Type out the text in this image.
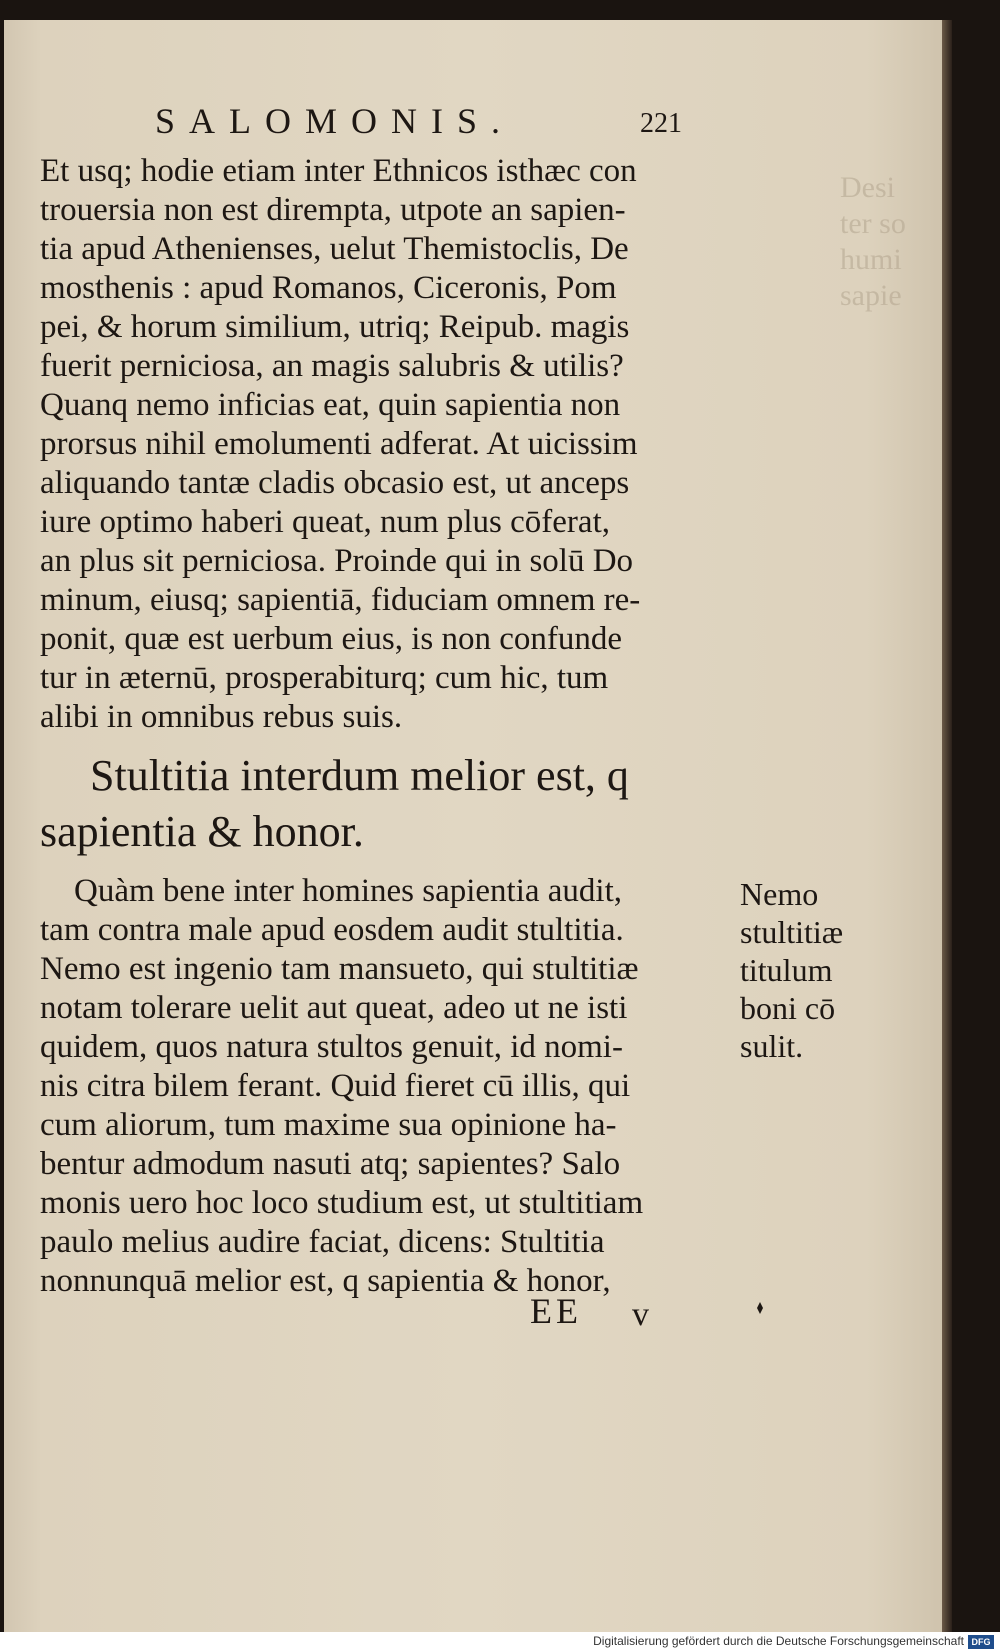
Desi
ter so
humi
sapie
SALOMONIS.	221
Et usq; hodie etiam inter Ethnicos isthæc con
trouersia non est dirempta, utpote an sapien-
tia apud Athenienses, uelut Themistoclis, De
mosthenis : apud Romanos, Ciceronis, Pom
pei, & horum similium, utriq; Reipub. magis
fuerit perniciosa, an magis salubris & utilis?
Quanq nemo inficias eat, quin sapientia non
prorsus nihil emolumenti adferat. At uicissim
aliquando tantæ cladis obcasio est, ut anceps
iure optimo haberi queat, num plus cōferat,
an plus sit perniciosa. Proinde qui in solū Do
minum, eiusq; sapientiā, fiduciam omnem re-
ponit, quæ est uerbum eius, is non confunde
tur in æternū, prosperabiturq; cum hic, tum
alibi in omnibus rebus suis.
Stultitia interdum melior est, q
sapientia & honor.
Quàm bene inter homines sapientia audit,
tam contra male apud eosdem audit stultitia.
Nemo est ingenio tam mansueto, qui stultitiæ
notam tolerare uelit aut queat, adeo ut ne isti
quidem, quos natura stultos genuit, id nomi-
nis citra bilem ferant. Quid fieret cū illis, qui
cum aliorum, tum maxime sua opinione ha-
bentur admodum nasuti atq; sapientes? Salo
monis uero hoc loco studium est, ut stultitiam
paulo melius audire faciat, dicens: Stultitia
nonnunquā melior est, q sapientia & honor,
Nemo
stultitiæ
titulum
boni cō
sulit.
EE v
Digitalisierung gefördert durch die Deutsche Forschungsgemeinschaft DFG
